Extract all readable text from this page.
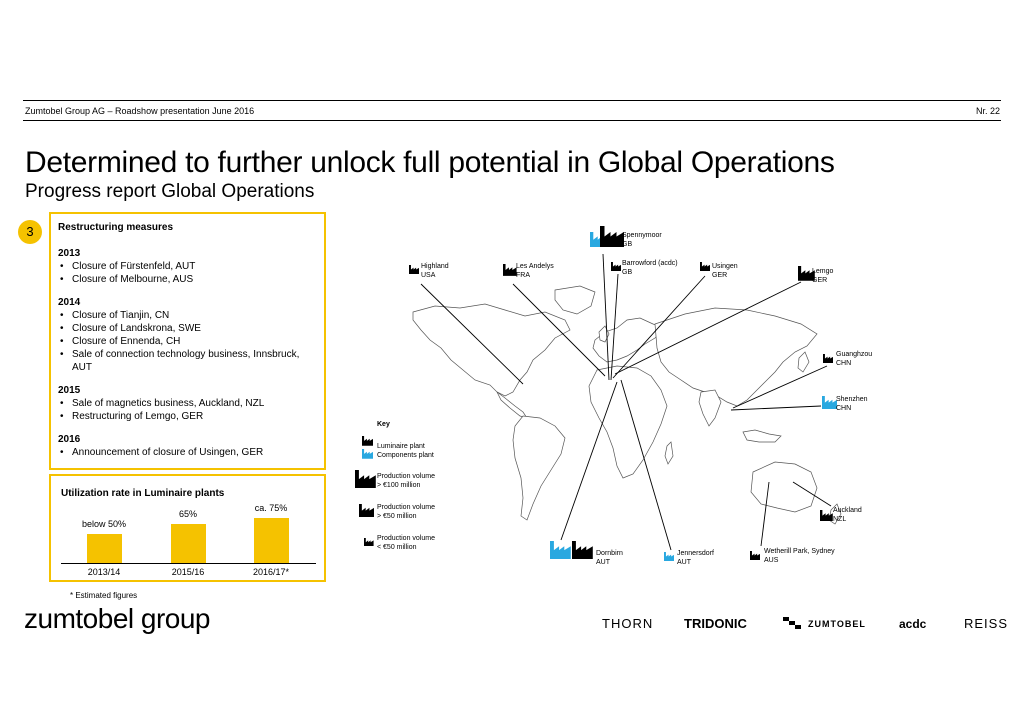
Zumtobel Group AG – Roadshow presentation June 2016	Nr. 22
Determined to further unlock full potential in Global Operations
Progress report Global Operations
3	Restructuring measures
2013
• Closure of Fürstenfeld, AUT
• Closure of Melbourne, AUS
2014
• Closure of Tianjin, CN
• Closure of Landskrona, SWE
• Closure of Ennenda, CH
• Sale of connection technology business, Innsbruck, AUT
2015
• Sale of magnetics business, Auckland, NZL
• Restructuring of Lemgo, GER
2016
• Announcement of closure of Usingen, GER
Utilization rate in Luminaire plants
below 50%
2013/14
65%
2015/16
ca. 75%
2016/17*
* Estimated figures
zumtobel group	THORN TRIDONIC	ZUMTOBEL	acdc	REISS
Spennymoor
GB
Barrowford (acdc)
GB
Highland
USA
Les Andelys
FRA
Usingen
GER
Lemgo
GER
Guanghzou
CHN
Shenzhen
CHN
Auckland
NZL
Wetherill Park, Sydney
AUS
Jennersdorf
AUT
Dornbirn
AUT
Key
Luminaire plant
Components plant
Production volume
> €100 million
Production volume
> €50 million
Production volume
< €50 million
